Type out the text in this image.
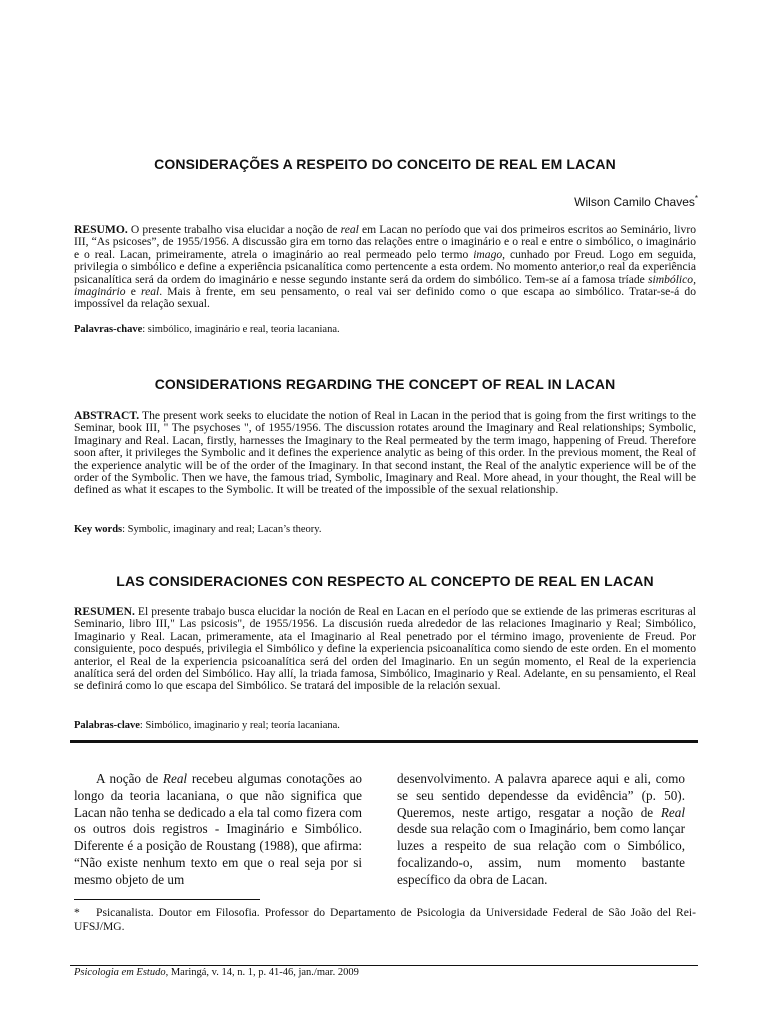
CONSIDERAÇÕES A RESPEITO DO CONCEITO DE REAL EM LACAN
Wilson Camilo Chaves*
RESUMO. O presente trabalho visa elucidar a noção de real em Lacan no período que vai dos primeiros escritos ao Seminário, livro III, “As psicoses”, de 1955/1956. A discussão gira em torno das relações entre o imaginário e o real e entre o simbólico, o imaginário e o real. Lacan, primeiramente, atrela o imaginário ao real permeado pelo termo imago, cunhado por Freud. Logo em seguida, privilegia o simbólico e define a experiência psicanalítica como pertencente a esta ordem. No momento anterior,o real da experiência psicanalítica será da ordem do imaginário e nesse segundo instante será da ordem do simbólico. Tem-se aí a famosa tríade simbólico, imaginário e real. Mais à frente, em seu pensamento, o real vai ser definido como o que escapa ao simbólico. Tratar-se-á do impossível da relação sexual.
Palavras-chave: simbólico, imaginário e real, teoria lacaniana.
CONSIDERATIONS REGARDING THE CONCEPT OF REAL IN LACAN
ABSTRACT. The present work seeks to elucidate the notion of Real in Lacan in the period that is going from the first writings to the Seminar, book III, " The psychoses ", of 1955/1956. The discussion rotates around the Imaginary and Real relationships; Symbolic, Imaginary and Real. Lacan, firstly, harnesses the Imaginary to the Real permeated by the term imago, happening of Freud. Therefore soon after, it privileges the Symbolic and it defines the experience analytic as being of this order. In the previous moment, the Real of the experience analytic will be of the order of the Imaginary. In that second instant, the Real of the analytic experience will be of the order of the Symbolic. Then we have, the famous triad, Symbolic, Imaginary and Real. More ahead, in your thought, the Real will be defined as what it escapes to the Symbolic. It will be treated of the impossible of the sexual relationship.
Key words: Symbolic, imaginary and real; Lacan’s theory.
LAS CONSIDERACIONES CON RESPECTO AL CONCEPTO DE REAL EN LACAN
RESUMEN. El presente trabajo busca elucidar la noción de Real en Lacan en el período que se extiende de las primeras escrituras al Seminario, libro III," Las psicosis", de 1955/1956. La discusión rueda alrededor de las relaciones Imaginario y Real; Simbólico, Imaginario y Real. Lacan, primeramente, ata el Imaginario al Real penetrado por el término imago, proveniente de Freud. Por consiguiente, poco después, privilegia el Simbólico y define la experiencia psicoanalítica como siendo de este orden. En el momento anterior, el Real de la experiencia psicoanalítica será del orden del Imaginario. En un según momento, el Real de la experiencia analítica será del orden del Simbólico. Hay allí, la triada famosa, Simbólico, Imaginario y Real. Adelante, en su pensamiento, el Real se definirá como lo que escapa del Simbólico. Se tratará del imposible de la relación sexual.
Palabras-clave: Simbólico, imaginario y real; teoría lacaniana.
A noção de Real recebeu algumas conotações ao longo da teoria lacaniana, o que não significa que Lacan não tenha se dedicado a ela tal como fizera com os outros dois registros - Imaginário e Simbólico. Diferente é a posição de Roustang (1988), que afirma: “Não existe nenhum texto em que o real seja por si mesmo objeto de um
desenvolvimento. A palavra aparece aqui e ali, como se seu sentido dependesse da evidência” (p. 50). Queremos, neste artigo, resgatar a noção de Real desde sua relação com o Imaginário, bem como lançar luzes a respeito de sua relação com o Simbólico, focalizando-o, assim, num momento bastante específico da obra de Lacan.
* Psicanalista. Doutor em Filosofia. Professor do Departamento de Psicologia da Universidade Federal de São João del Rei-UFSJ/MG.
Psicologia em Estudo, Maringá, v. 14, n. 1, p. 41-46, jan./mar. 2009
